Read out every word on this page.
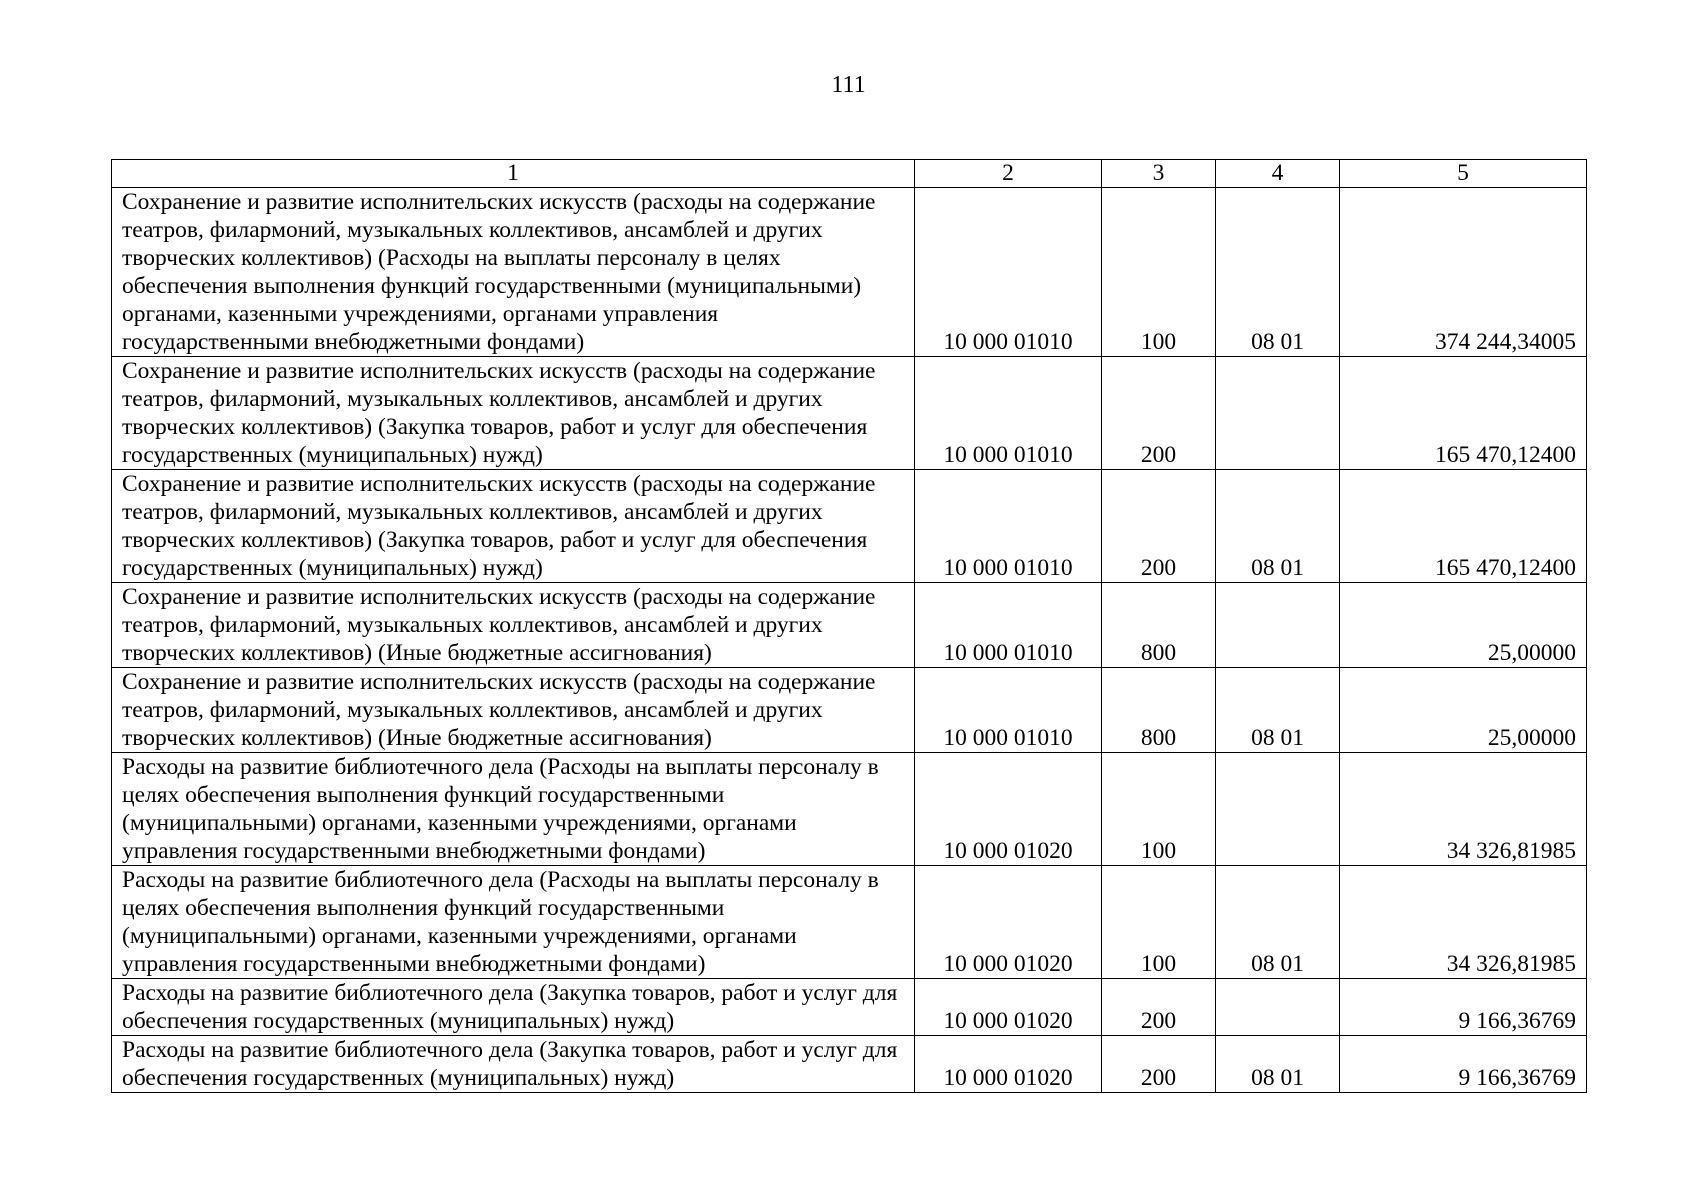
111
1	2	3	4	5
Сохранение и развитие исполнительских искусств (расходы на содержание театров, филармоний, музыкальных коллективов, ансамблей и других творческих коллективов) (Расходы на выплаты персоналу в целях обеспечения выполнения функций государственными (муниципальными) органами, казенными учреждениями, органами управления государственными внебюджетными фондами)	10 000 01010	100	08 01	374 244,34005
Сохранение и развитие исполнительских искусств (расходы на содержание театров, филармоний, музыкальных коллективов, ансамблей и других творческих коллективов) (Закупка товаров, работ и услуг для обеспечения государственных (муниципальных) нужд)	10 000 01010	200		165 470,12400
Сохранение и развитие исполнительских искусств (расходы на содержание театров, филармоний, музыкальных коллективов, ансамблей и других творческих коллективов) (Закупка товаров, работ и услуг для обеспечения государственных (муниципальных) нужд)	10 000 01010	200	08 01	165 470,12400
Сохранение и развитие исполнительских искусств (расходы на содержание театров, филармоний, музыкальных коллективов, ансамблей и других творческих коллективов) (Иные бюджетные ассигнования)	10 000 01010	800		25,00000
Сохранение и развитие исполнительских искусств (расходы на содержание театров, филармоний, музыкальных коллективов, ансамблей и других творческих коллективов) (Иные бюджетные ассигнования)	10 000 01010	800	08 01	25,00000
Расходы на развитие библиотечного дела (Расходы на выплаты персоналу в целях обеспечения выполнения функций государственными (муниципальными) органами, казенными учреждениями, органами управления государственными внебюджетными фондами)	10 000 01020	100		34 326,81985
Расходы на развитие библиотечного дела (Расходы на выплаты персоналу в целях обеспечения выполнения функций государственными (муниципальными) органами, казенными учреждениями, органами управления государственными внебюджетными фондами)	10 000 01020	100	08 01	34 326,81985
Расходы на развитие библиотечного дела (Закупка товаров, работ и услуг для обеспечения государственных (муниципальных) нужд)	10 000 01020	200		9 166,36769
Расходы на развитие библиотечного дела (Закупка товаров, работ и услуг для обеспечения государственных (муниципальных) нужд)	10 000 01020	200	08 01	9 166,36769
